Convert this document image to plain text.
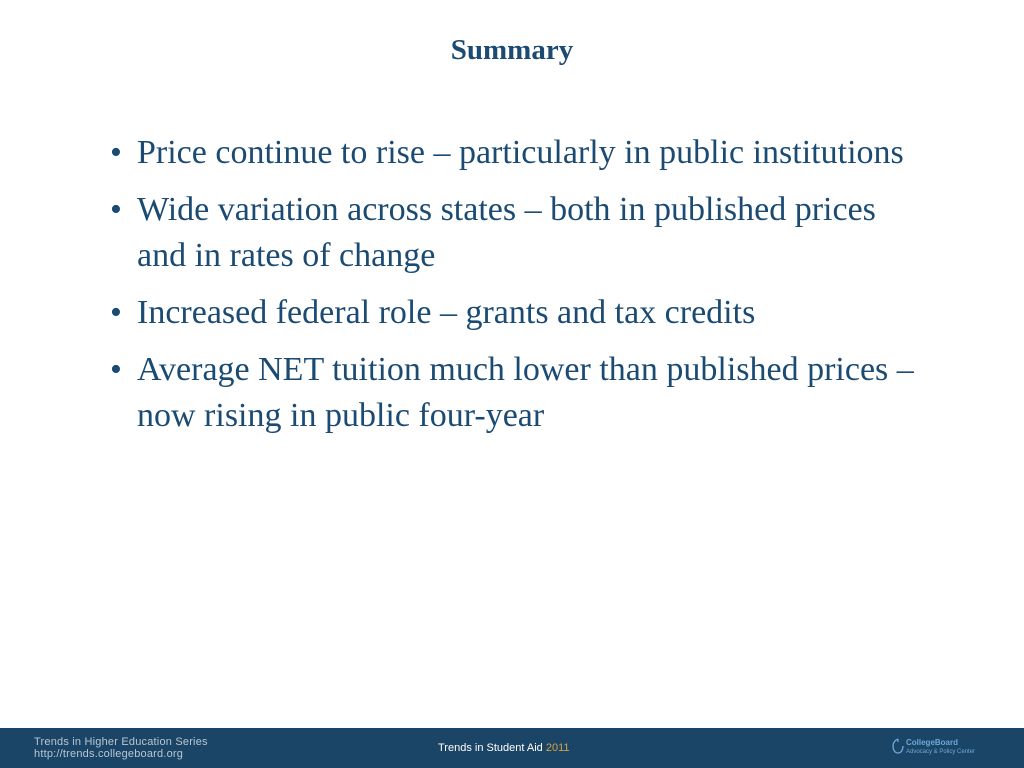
Summary
• Price continue to rise – particularly in public institutions
• Wide variation across states – both in published prices and in rates of change
• Increased federal role – grants and tax credits
• Average NET tuition much lower than published prices – now rising in public four-year
Trends in Higher Education Series
http://trends.collegeboard.org	Trends in Student Aid 2011	CollegeBoard
Advocacy & Policy Center
